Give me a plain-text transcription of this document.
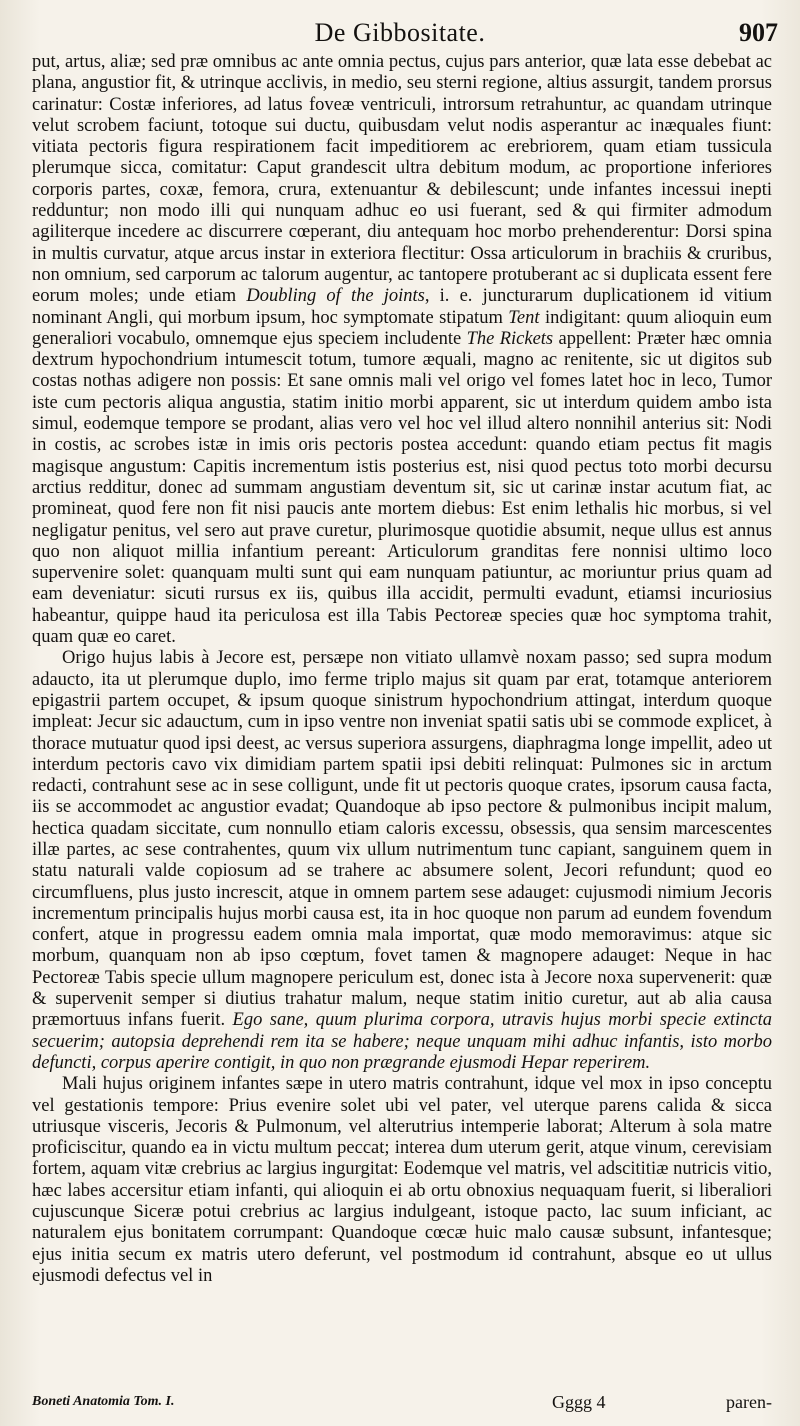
De Gibbositate.	907

put, artus, aliæ; sed præ omnibus ac ante omnia pectus, cujus pars anterior, quæ lata esse debebat ac plana, angustior fit, & utrinque acclivis, in medio, seu sterni regione, altius assurgit, tandem prorsus carinatur: Costæ inferiores, ad latus foveæ ventriculi, introrsum retrahuntur, ac quandam utrinque velut scrobem faciunt, totoque sui ductu, quibusdam velut nodis asperantur ac inæquales fiunt: vitiata pectoris figura respirationem facit impeditiorem ac erebriorem, quam etiam tussicula plerumque sicca, comitatur: Caput grandescit ultra debitum modum, ac proportione inferiores corporis partes, coxæ, femora, crura, extenuantur & debilescunt; unde infantes incessui inepti redduntur; non modo illi qui nunquam adhuc eo usi fuerant, sed & qui firmiter admodum agiliterque incedere ac discurrere cœperant, diu antequam hoc morbo prehenderentur: Dorsi spina in multis curvatur, atque arcus instar in exteriora flectitur: Ossa articulorum in brachiis & cruribus, non omnium, sed carporum ac talorum augentur, ac tantopere protuberant ac si duplicata essent fere eorum moles; unde etiam Doubling of the joints, i. e. juncturarum duplicationem id vitium nominant Angli, qui morbum ipsum, hoc symptomate stipatum Tent indigitant: quum alioquin eum generaliori vocabulo, omnemque ejus speciem includente The Rickets appellent: Præter hæc omnia dextrum hypochondrium intumescit totum, tumore æquali, magno ac renitente, sic ut digitos sub costas nothas adigere non possis: Et sane omnis mali vel origo vel fomes latet hoc in leco, Tumor iste cum pectoris aliqua angustia, statim initio morbi apparent, sic ut interdum quidem ambo ista simul, eodemque tempore se prodant, alias vero vel hoc vel illud altero nonnihil anterius sit: Nodi in costis, ac scrobes istæ in imis oris pectoris postea accedunt: quando etiam pectus fit magis magisque angustum: Capitis incrementum istis posterius est, nisi quod pectus toto morbi decursu arctius redditur, donec ad summam angustiam deventum sit, sic ut carinæ instar acutum fiat, ac promineat, quod fere non fit nisi paucis ante mortem diebus: Est enim lethalis hic morbus, si vel negligatur penitus, vel sero aut prave curetur, plurimosque quotidie absumit, neque ullus est annus quo non aliquot millia infantium pereant: Articulorum granditas fere nonnisi ultimo loco supervenire solet: quanquam multi sunt qui eam nunquam patiuntur, ac moriuntur prius quam ad eam deveniatur: sicuti rursus ex iis, quibus illa accidit, permulti evadunt, etiamsi incuriosius habeantur, quippe haud ita periculosa est illa Tabis Pectoreæ species quæ hoc symptoma trahit, quam quæ eo caret.

Origo hujus labis à Jecore est, persæpe non vitiato ullamvè noxam passo; sed supra modum adaucto, ita ut plerumque duplo, imo ferme triplo majus sit quam par erat, totamque anteriorem epigastrii partem occupet, & ipsum quoque sinistrum hypochondrium attingat, interdum quoque impleat: Jecur sic adauctum, cum in ipso ventre non inveniat spatii satis ubi se commode explicet, à thorace mutuatur quod ipsi deest, ac versus superiora assurgens, diaphragma longe impellit, adeo ut interdum pectoris cavo vix dimidiam partem spatii ipsi debiti relinquat: Pulmones sic in arctum redacti, contrahunt sese ac in sese colligunt, unde fit ut pectoris quoque crates, ipsorum causa facta, iis se accommodet ac angustior evadat; Quandoque ab ipso pectore & pulmonibus incipit malum, hectica quadam siccitate, cum nonnullo etiam caloris excessu, obsessis, qua sensim marcescentes illæ partes, ac sese contrahentes, quum vix ullum nutrimentum tunc capiant, sanguinem quem in statu naturali valde copiosum ad se trahere ac absumere solent, Jecori refundunt; quod eo circumfluens, plus justo increscit, atque in omnem partem sese adauget: cujusmodi nimium Jecoris incrementum principalis hujus morbi causa est, ita in hoc quoque non parum ad eundem fovendum confert, atque in progressu eadem omnia mala importat, quæ modo memoravimus: atque sic morbum, quanquam non ab ipso cœptum, fovet tamen & magnopere adauget: Neque in hac Pectoreæ Tabis specie ullum magnopere periculum est, donec ista à Jecore noxa supervenerit: quæ & supervenit semper si diutius trahatur malum, neque statim initio curetur, aut ab alia causa præmortuus infans fuerit. Ego sane, quum plurima corpora, utravis hujus morbi specie extincta secuerim; autopsia deprehendi rem ita se habere; neque unquam mihi adhuc infantis, isto morbo defuncti, corpus aperire contigit, in quo non prægrande ejusmodi Hepar reperirem.

Mali hujus originem infantes sæpe in utero matris contrahunt, idque vel mox in ipso conceptu vel gestationis tempore: Prius evenire solet ubi vel pater, vel uterque parens calida & sicca utriusque visceris, Jecoris & Pulmonum, vel alterutrius intemperie laborat; Alterum à sola matre proficiscitur, quando ea in victu multum peccat; interea dum uterum gerit, atque vinum, cerevisiam fortem, aquam vitæ crebrius ac largius ingurgitat: Eodemque vel matris, vel adscititiæ nutricis vitio, hæc labes accersitur etiam infanti, qui alioquin ei ab ortu obnoxius nequaquam fuerit, si liberaliori cujuscunque Siceræ potui crebrius ac largius indulgeant, istoque pacto, lac suum inficiant, ac naturalem ejus bonitatem corrumpant: Quandoque cœcæ huic malo causæ subsunt, infantesque; ejus initia secum ex matris utero deferunt, vel postmodum id contrahunt, absque eo ut ullus ejusmodi defectus vel in

Boneti Anatomia Tom. I.	Gggg 4	paren-
